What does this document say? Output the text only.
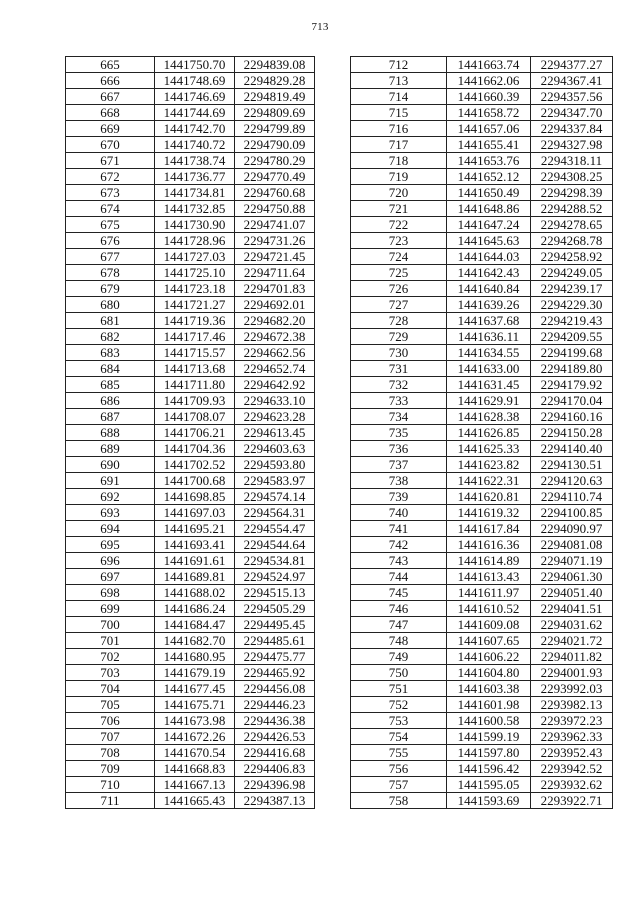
713
665	1441750.70	2294839.08
666	1441748.69	2294829.28
667	1441746.69	2294819.49
668	1441744.69	2294809.69
669	1441742.70	2294799.89
670	1441740.72	2294790.09
671	1441738.74	2294780.29
672	1441736.77	2294770.49
673	1441734.81	2294760.68
674	1441732.85	2294750.88
675	1441730.90	2294741.07
676	1441728.96	2294731.26
677	1441727.03	2294721.45
678	1441725.10	2294711.64
679	1441723.18	2294701.83
680	1441721.27	2294692.01
681	1441719.36	2294682.20
682	1441717.46	2294672.38
683	1441715.57	2294662.56
684	1441713.68	2294652.74
685	1441711.80	2294642.92
686	1441709.93	2294633.10
687	1441708.07	2294623.28
688	1441706.21	2294613.45
689	1441704.36	2294603.63
690	1441702.52	2294593.80
691	1441700.68	2294583.97
692	1441698.85	2294574.14
693	1441697.03	2294564.31
694	1441695.21	2294554.47
695	1441693.41	2294544.64
696	1441691.61	2294534.81
697	1441689.81	2294524.97
698	1441688.02	2294515.13
699	1441686.24	2294505.29
700	1441684.47	2294495.45
701	1441682.70	2294485.61
702	1441680.95	2294475.77
703	1441679.19	2294465.92
704	1441677.45	2294456.08
705	1441675.71	2294446.23
706	1441673.98	2294436.38
707	1441672.26	2294426.53
708	1441670.54	2294416.68
709	1441668.83	2294406.83
710	1441667.13	2294396.98
711	1441665.43	2294387.13
712	1441663.74	2294377.27
713	1441662.06	2294367.41
714	1441660.39	2294357.56
715	1441658.72	2294347.70
716	1441657.06	2294337.84
717	1441655.41	2294327.98
718	1441653.76	2294318.11
719	1441652.12	2294308.25
720	1441650.49	2294298.39
721	1441648.86	2294288.52
722	1441647.24	2294278.65
723	1441645.63	2294268.78
724	1441644.03	2294258.92
725	1441642.43	2294249.05
726	1441640.84	2294239.17
727	1441639.26	2294229.30
728	1441637.68	2294219.43
729	1441636.11	2294209.55
730	1441634.55	2294199.68
731	1441633.00	2294189.80
732	1441631.45	2294179.92
733	1441629.91	2294170.04
734	1441628.38	2294160.16
735	1441626.85	2294150.28
736	1441625.33	2294140.40
737	1441623.82	2294130.51
738	1441622.31	2294120.63
739	1441620.81	2294110.74
740	1441619.32	2294100.85
741	1441617.84	2294090.97
742	1441616.36	2294081.08
743	1441614.89	2294071.19
744	1441613.43	2294061.30
745	1441611.97	2294051.40
746	1441610.52	2294041.51
747	1441609.08	2294031.62
748	1441607.65	2294021.72
749	1441606.22	2294011.82
750	1441604.80	2294001.93
751	1441603.38	2293992.03
752	1441601.98	2293982.13
753	1441600.58	2293972.23
754	1441599.19	2293962.33
755	1441597.80	2293952.43
756	1441596.42	2293942.52
757	1441595.05	2293932.62
758	1441593.69	2293922.71
